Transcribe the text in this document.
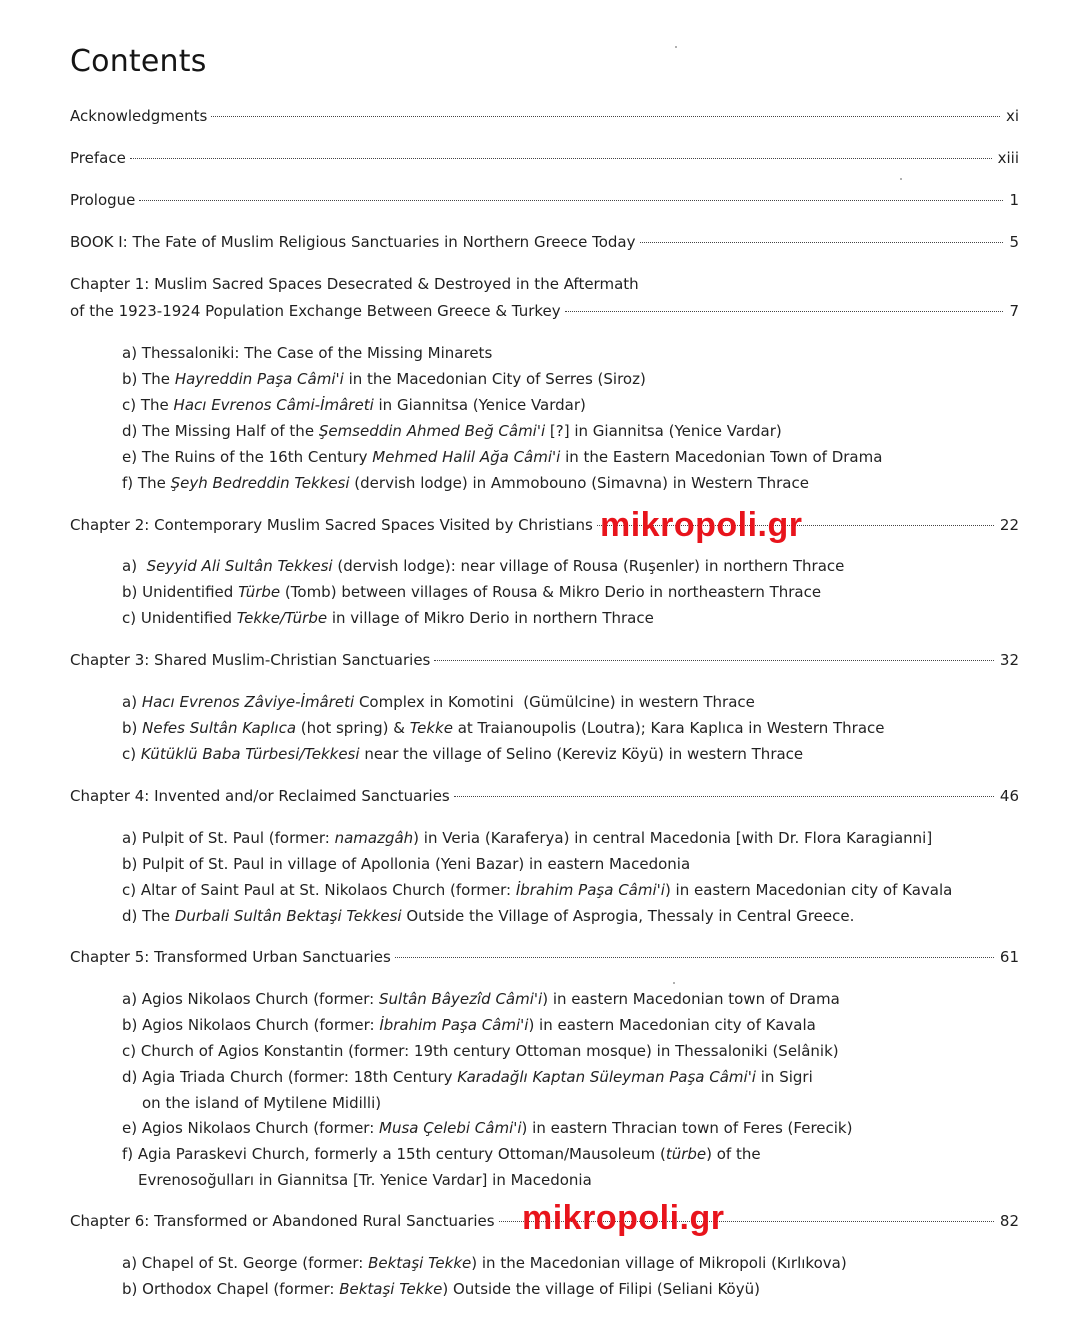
Contents
Acknowledgments	xi
Preface	xiii
Prologue	1
BOOK I: The Fate of Muslim Religious Sanctuaries in Northern Greece Today	5
Chapter 1: Muslim Sacred Spaces Desecrated & Destroyed in the Aftermath
of the 1923-1924 Population Exchange Between Greece & Turkey	7
a) Thessaloniki: The Case of the Missing Minarets
b) The Hayreddin Paşa Câmi'i in the Macedonian City of Serres (Siroz)
c) The Hacı Evrenos Câmi-İmâreti in Giannitsa (Yenice Vardar)
d) The Missing Half of the Şemseddin Ahmed Beğ Câmi'i [?] in Giannitsa (Yenice Vardar)
e) The Ruins of the 16th Century Mehmed Halil Ağa Câmi'i in the Eastern Macedonian Town of Drama
f) The Şeyh Bedreddin Tekkesi (dervish lodge) in Ammobouno (Simavna) in Western Thrace
Chapter 2: Contemporary Muslim Sacred Spaces Visited by Christians	22
a)  Seyyid Ali Sultân Tekkesi (dervish lodge): near village of Rousa (Ruşenler) in northern Thrace
b) Unidentified Türbe (Tomb) between villages of Rousa & Mikro Derio in northeastern Thrace
c) Unidentified Tekke/Türbe in village of Mikro Derio in northern Thrace
Chapter 3: Shared Muslim-Christian Sanctuaries	32
a) Hacı Evrenos Zâviye-İmâreti Complex in Komotini  (Gümülcine) in western Thrace
b) Nefes Sultân Kaplıca (hot spring) & Tekke at Traianoupolis (Loutra); Kara Kaplıca in Western Thrace
c) Kütüklü Baba Türbesi/Tekkesi near the village of Selino (Kereviz Köyü) in western Thrace
Chapter 4: Invented and/or Reclaimed Sanctuaries	46
a) Pulpit of St. Paul (former: namazgâh) in Veria (Karaferya) in central Macedonia [with Dr. Flora Karagianni]
b) Pulpit of St. Paul in village of Apollonia (Yeni Bazar) in eastern Macedonia
c) Altar of Saint Paul at St. Nikolaos Church (former: İbrahim Paşa Câmi'i) in eastern Macedonian city of Kavala
d) The Durbali Sultân Bektaşi Tekkesi Outside the Village of Asprogia, Thessaly in Central Greece.
Chapter 5: Transformed Urban Sanctuaries	61
a) Agios Nikolaos Church (former: Sultân Bâyezîd Câmi'i) in eastern Macedonian town of Drama
b) Agios Nikolaos Church (former: İbrahim Paşa Câmi'i) in eastern Macedonian city of Kavala
c) Church of Agios Konstantin (former: 19th century Ottoman mosque) in Thessaloniki (Selânik)
d) Agia Triada Church (former: 18th Century Karadağlı Kaptan Süleyman Paşa Câmi'i in Sigri
on the island of Mytilene Midilli)
e) Agios Nikolaos Church (former: Musa Çelebi Câmi'i) in eastern Thracian town of Feres (Ferecik)
f) Agia Paraskevi Church, formerly a 15th century Ottoman/Mausoleum (türbe) of the
Evrenosoğulları in Giannitsa [Tr. Yenice Vardar] in Macedonia
Chapter 6: Transformed or Abandoned Rural Sanctuaries	82
a) Chapel of St. George (former: Bektaşi Tekke) in the Macedonian village of Mikropoli (Kırlıkova)
b) Orthodox Chapel (former: Bektaşi Tekke) Outside the village of Filipi (Seliani Köyü)
mikropoli.gr
mikropoli.gr
